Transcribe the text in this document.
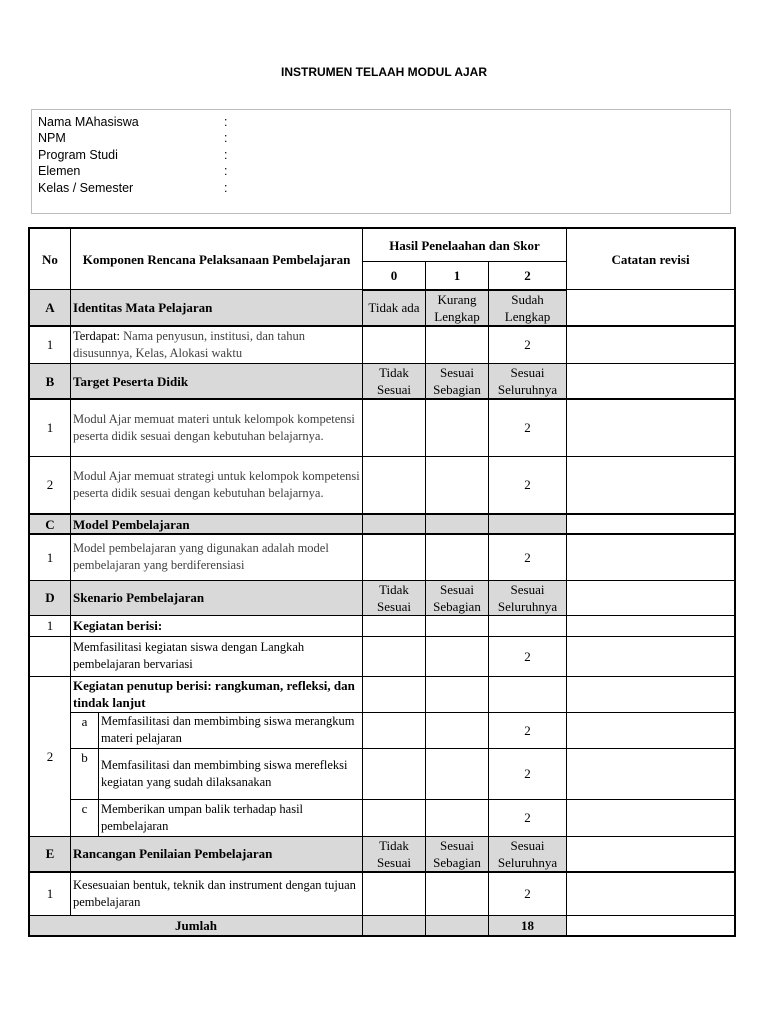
INSTRUMEN TELAAH MODUL AJAR
Nama MAhasiswa	:
NPM	:
Program Studi	:
Elemen	:
Kelas / Semester	:
No	Komponen Rencana Pelaksanaan Pembelajaran		Hasil Penelaahan dan Skor			Catatan revisi
			0	1	2	
A	Identitas Mata Pelajaran		Tidak ada	Kurang Lengkap	Sudah Lengkap	
1	Terdapat: Nama penyusun, institusi, dan tahun disusunnya, Kelas, Alokasi waktu				2	
B	Target Peserta Didik		Tidak Sesuai	Sesuai Sebagian	Sesuai Seluruhnya	
1	Modul Ajar memuat materi untuk kelompok kompetensi peserta didik sesuai dengan kebutuhan belajarnya.				2	
2	Modul Ajar memuat strategi untuk kelompok kompetensi peserta didik sesuai dengan kebutuhan belajarnya.				2	
C	Model Pembelajaran					
1	Model pembelajaran yang digunakan adalah model pembelajaran yang berdiferensiasi				2	
D	Skenario Pembelajaran		Tidak Sesuai	Sesuai Sebagian	Sesuai Seluruhnya	
1	Kegiatan berisi:					
	Memfasilitasi kegiatan siswa dengan Langkah pembelajaran bervariasi				2	
2	Kegiatan penutup berisi: rangkuman, refleksi, dan tindak lanjut					
	a	Memfasilitasi dan membimbing siswa merangkum materi pelajaran			2	
	b	Memfasilitasi dan membimbing siswa merefleksi kegiatan yang sudah dilaksanakan			2	
	c	Memberikan umpan balik terhadap hasil pembelajaran			2	
E	Rancangan Penilaian Pembelajaran		Tidak Sesuai	Sesuai Sebagian	Sesuai Seluruhnya	
1	Kesesuaian bentuk, teknik dan instrument dengan tujuan pembelajaran				2	
Jumlah					18	
